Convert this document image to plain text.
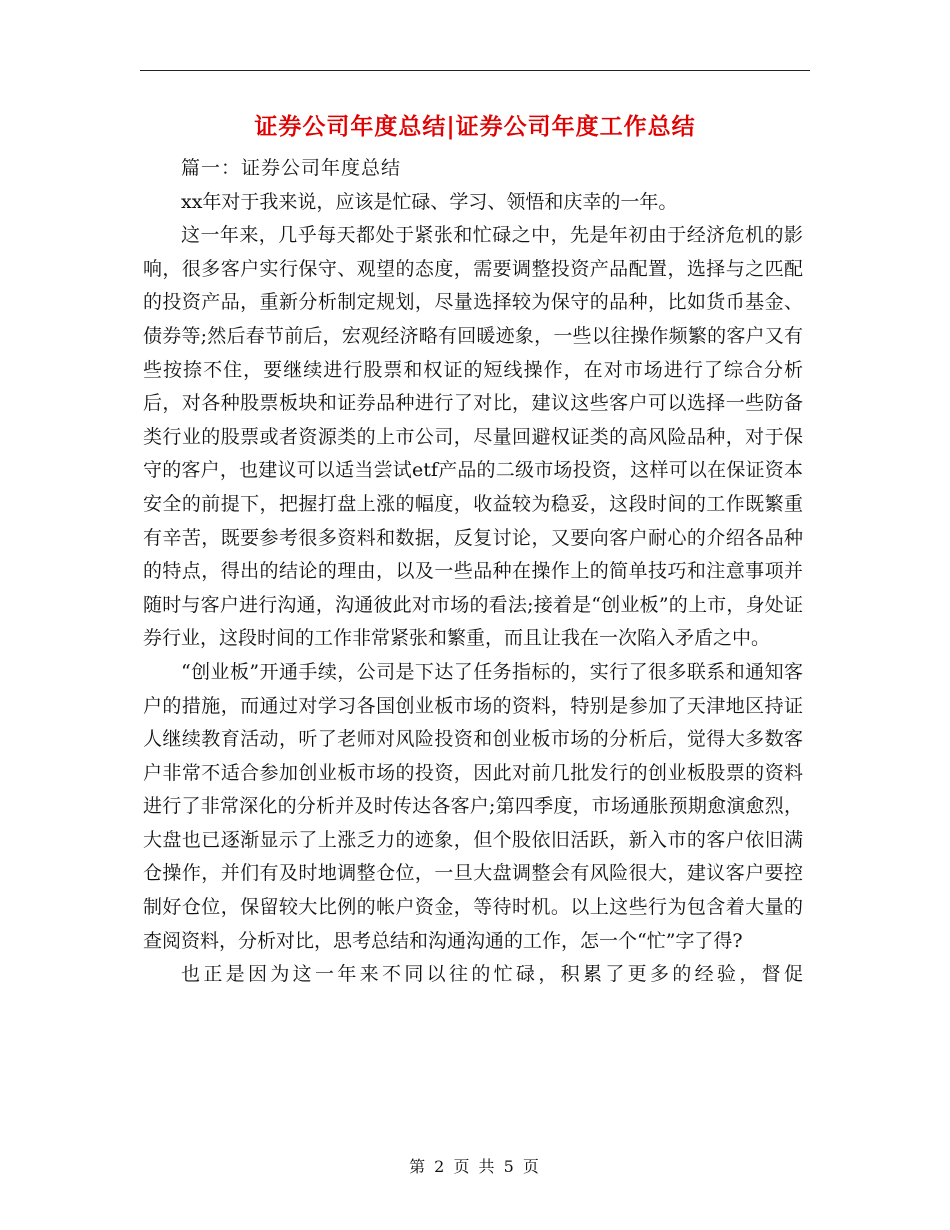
证券公司年度总结|证券公司年度工作总结

篇一：证券公司年度总结

xx年对于我来说，应该是忙碌、学习、领悟和庆幸的一年。

这一年来，几乎每天都处于紧张和忙碌之中，先是年初由于经济危机的影响，很多客户实行保守、观望的态度，需要调整投资产品配置，选择与之匹配的投资产品，重新分析制定规划，尽量选择较为保守的品种，比如货币基金、债券等;然后春节前后，宏观经济略有回暖迹象，一些以往操作频繁的客户又有些按捺不住，要继续进行股票和权证的短线操作，在对市场进行了综合分析后，对各种股票板块和证券品种进行了对比，建议这些客户可以选择一些防备类行业的股票或者资源类的上市公司，尽量回避权证类的高风险品种，对于保守的客户，也建议可以适当尝试etf产品的二级市场投资，这样可以在保证资本安全的前提下，把握打盘上涨的幅度，收益较为稳妥，这段时间的工作既繁重有辛苦，既要参考很多资料和数据，反复讨论，又要向客户耐心的介绍各品种的特点，得出的结论的理由，以及一些品种在操作上的简单技巧和注意事项并随时与客户进行沟通，沟通彼此对市场的看法;接着是“创业板”的上市，身处证券行业，这段时间的工作非常紧张和繁重，而且让我在一次陷入矛盾之中。

“创业板”开通手续，公司是下达了任务指标的，实行了很多联系和通知客户的措施，而通过对学习各国创业板市场的资料，特别是参加了天津地区持证人继续教育活动，听了老师对风险投资和创业板市场的分析后，觉得大多数客户非常不适合参加创业板市场的投资，因此对前几批发行的创业板股票的资料进行了非常深化的分析并及时传达各客户;第四季度，市场通胀预期愈演愈烈，大盘也已逐渐显示了上涨乏力的迹象，但个股依旧活跃，新入市的客户依旧满仓操作，并们有及时地调整仓位，一旦大盘调整会有风险很大，建议客户要控制好仓位，保留较大比例的帐户资金，等待时机。以上这些行为包含着大量的查阅资料，分析对比，思考总结和沟通沟通的工作，怎一个“忙”字了得?

也正是因为这一年来不同以往的忙碌，积累了更多的经验，督促

第 2 页 共 5 页
